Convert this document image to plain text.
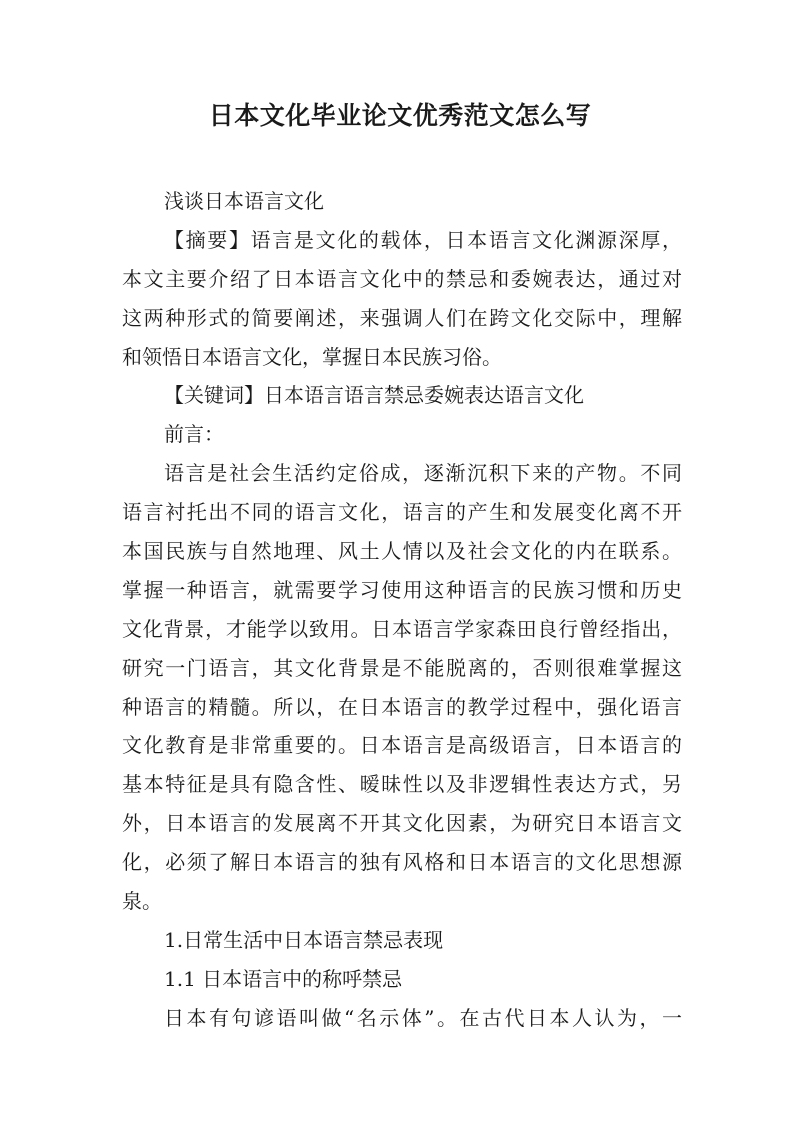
日本文化毕业论文优秀范文怎么写
浅谈日本语言文化
【摘要】语言是文化的载体，日本语言文化渊源深厚，
本文主要介绍了日本语言文化中的禁忌和委婉表达，通过对
这两种形式的简要阐述，来强调人们在跨文化交际中，理解
和领悟日本语言文化，掌握日本民族习俗。
【关键词】日本语言语言禁忌委婉表达语言文化
前言：
语言是社会生活约定俗成，逐渐沉积下来的产物。不同
语言衬托出不同的语言文化，语言的产生和发展变化离不开
本国民族与自然地理、风土人情以及社会文化的内在联系。
掌握一种语言，就需要学习使用这种语言的民族习惯和历史
文化背景，才能学以致用。日本语言学家森田良行曾经指出，
研究一门语言，其文化背景是不能脱离的，否则很难掌握这
种语言的精髓。所以，在日本语言的教学过程中，强化语言
文化教育是非常重要的。日本语言是高级语言，日本语言的
基本特征是具有隐含性、暧昧性以及非逻辑性表达方式，另
外，日本语言的发展离不开其文化因素，为研究日本语言文
化，必须了解日本语言的独有风格和日本语言的文化思想源
泉。
1.日常生活中日本语言禁忌表现
1.1 日本语言中的称呼禁忌
日本有句谚语叫做“名示体”。在古代日本人认为，一
